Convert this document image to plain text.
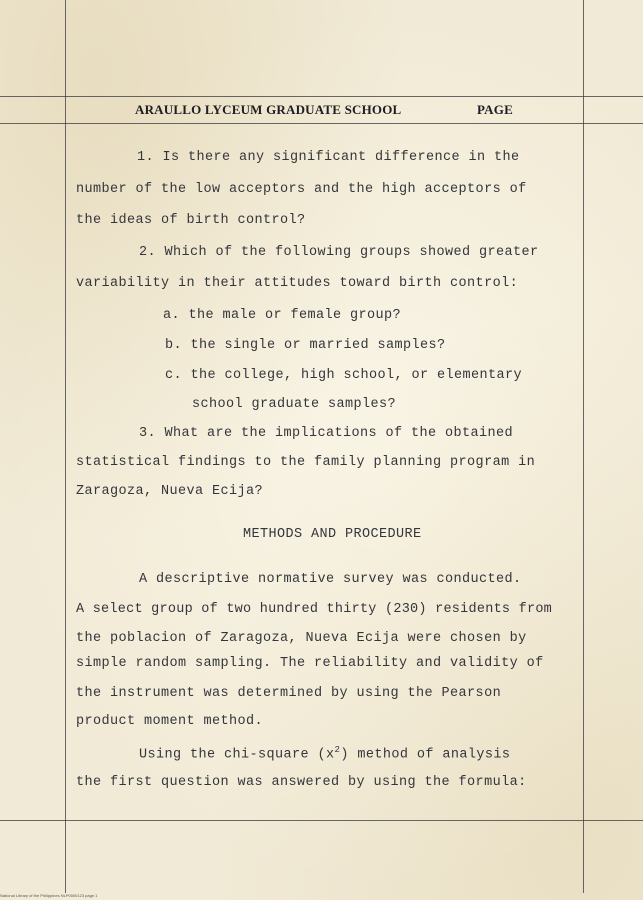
ARAULLO LYCEUM GRADUATE SCHOOL	PAGE
1. Is there any significant difference in the
number of the low acceptors and the high acceptors of
the ideas of birth control?
2. Which of the following groups showed greater
variability in their attitudes toward birth control:
a. the male or female group?
b. the single or married samples?
c. the college, high school, or elementary
school graduate samples?
3. What are the implications of the obtained
statistical findings to the family planning program in
Zaragoza, Nueva Ecija?
METHODS AND PROCEDURE
A descriptive normative survey was conducted.
A select group of two hundred thirty (230) residents from
the poblacion of Zaragoza, Nueva Ecija were chosen by
simple random sampling. The reliability and validity of
the instrument was determined by using the Pearson
product moment method.
Using the chi-square $(x^2)$ method of analysis
the first question was answered by using the formula:
National Library of the Philippines NLP0000123 page 1
